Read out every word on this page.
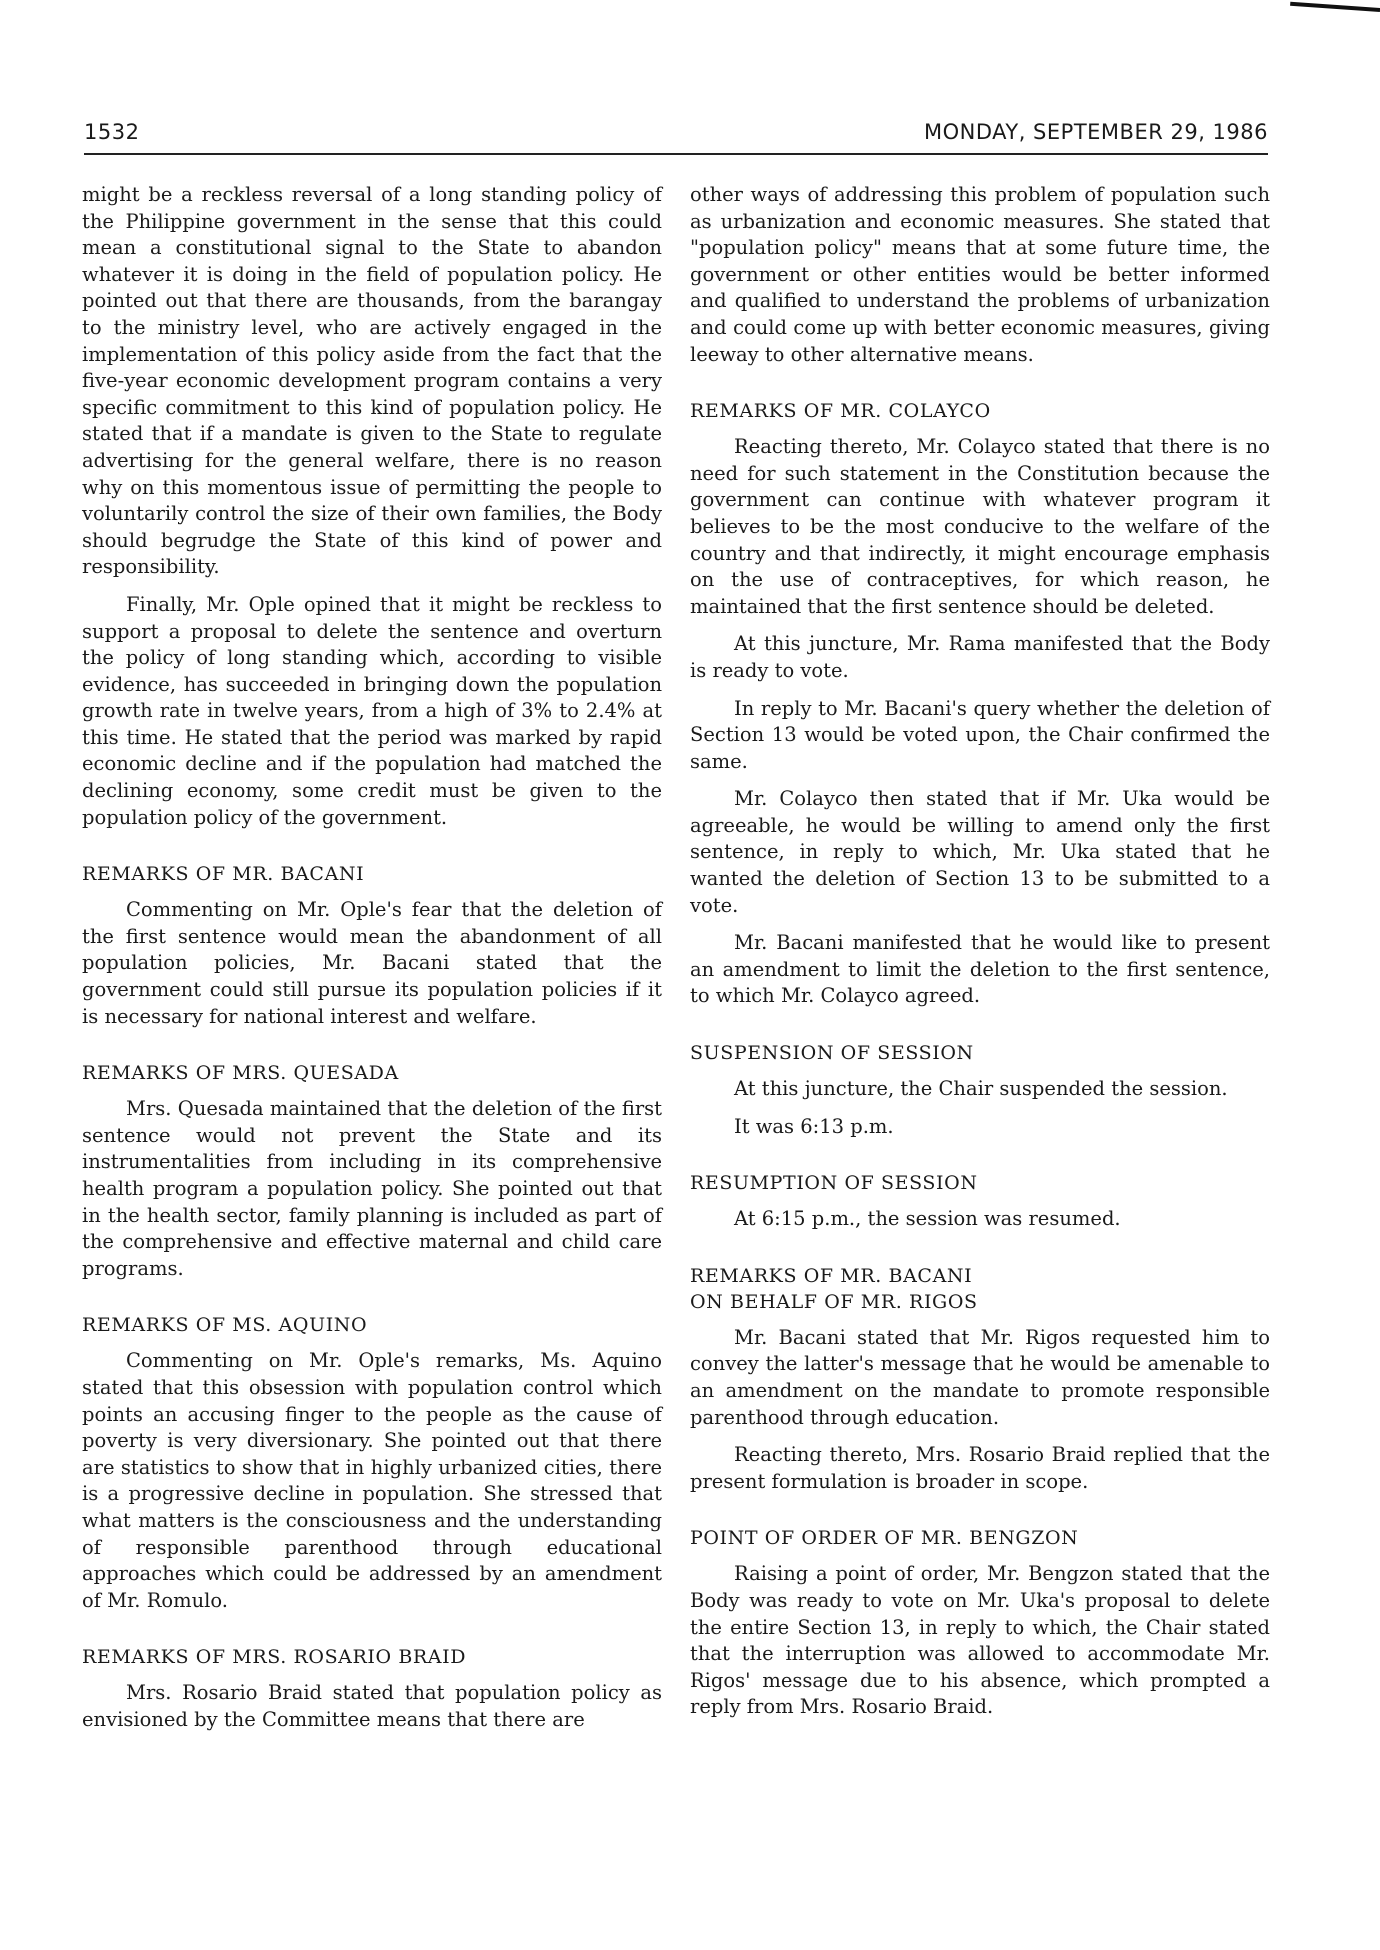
1532	MONDAY, SEPTEMBER 29, 1986

might be a reckless reversal of a long standing policy of the Philippine government in the sense that this could mean a constitutional signal to the State to abandon whatever it is doing in the field of population policy. He pointed out that there are thousands, from the barangay to the ministry level, who are actively engaged in the implementation of this policy aside from the fact that the five-year economic development program contains a very specific commitment to this kind of population policy. He stated that if a mandate is given to the State to regulate advertising for the general welfare, there is no reason why on this momentous issue of permitting the people to voluntarily control the size of their own families, the Body should begrudge the State of this kind of power and responsibility.

Finally, Mr. Ople opined that it might be reckless to support a proposal to delete the sentence and overturn the policy of long standing which, according to visible evidence, has succeeded in bringing down the population growth rate in twelve years, from a high of 3% to 2.4% at this time. He stated that the period was marked by rapid economic decline and if the population had matched the declining economy, some credit must be given to the population policy of the government.

REMARKS OF MR. BACANI

Commenting on Mr. Ople's fear that the deletion of the first sentence would mean the abandonment of all population policies, Mr. Bacani stated that the government could still pursue its population policies if it is necessary for national interest and welfare.

REMARKS OF MRS. QUESADA

Mrs. Quesada maintained that the deletion of the first sentence would not prevent the State and its instrumentalities from including in its comprehensive health program a population policy. She pointed out that in the health sector, family planning is included as part of the comprehensive and effective maternal and child care programs.

REMARKS OF MS. AQUINO

Commenting on Mr. Ople's remarks, Ms. Aquino stated that this obsession with population control which points an accusing finger to the people as the cause of poverty is very diversionary. She pointed out that there are statistics to show that in highly urbanized cities, there is a progressive decline in population. She stressed that what matters is the consciousness and the understanding of responsible parenthood through educational approaches which could be addressed by an amendment of Mr. Romulo.

REMARKS OF MRS. ROSARIO BRAID

Mrs. Rosario Braid stated that population policy as envisioned by the Committee means that there are

other ways of addressing this problem of population such as urbanization and economic measures. She stated that "population policy" means that at some future time, the government or other entities would be better informed and qualified to understand the problems of urbanization and could come up with better economic measures, giving leeway to other alternative means.

REMARKS OF MR. COLAYCO

Reacting thereto, Mr. Colayco stated that there is no need for such statement in the Constitution because the government can continue with whatever program it believes to be the most conducive to the welfare of the country and that indirectly, it might encourage emphasis on the use of contraceptives, for which reason, he maintained that the first sentence should be deleted.

At this juncture, Mr. Rama manifested that the Body is ready to vote.

In reply to Mr. Bacani's query whether the deletion of Section 13 would be voted upon, the Chair confirmed the same.

Mr. Colayco then stated that if Mr. Uka would be agreeable, he would be willing to amend only the first sentence, in reply to which, Mr. Uka stated that he wanted the deletion of Section 13 to be submitted to a vote.

Mr. Bacani manifested that he would like to present an amendment to limit the deletion to the first sentence, to which Mr. Colayco agreed.

SUSPENSION OF SESSION

At this juncture, the Chair suspended the session.

It was 6:13 p.m.

RESUMPTION OF SESSION

At 6:15 p.m., the session was resumed.

REMARKS OF MR. BACANI
ON BEHALF OF MR. RIGOS

Mr. Bacani stated that Mr. Rigos requested him to convey the latter's message that he would be amenable to an amendment on the mandate to promote responsible parenthood through education.

Reacting thereto, Mrs. Rosario Braid replied that the present formulation is broader in scope.

POINT OF ORDER OF MR. BENGZON

Raising a point of order, Mr. Bengzon stated that the Body was ready to vote on Mr. Uka's proposal to delete the entire Section 13, in reply to which, the Chair stated that the interruption was allowed to accommodate Mr. Rigos' message due to his absence, which prompted a reply from Mrs. Rosario Braid.
